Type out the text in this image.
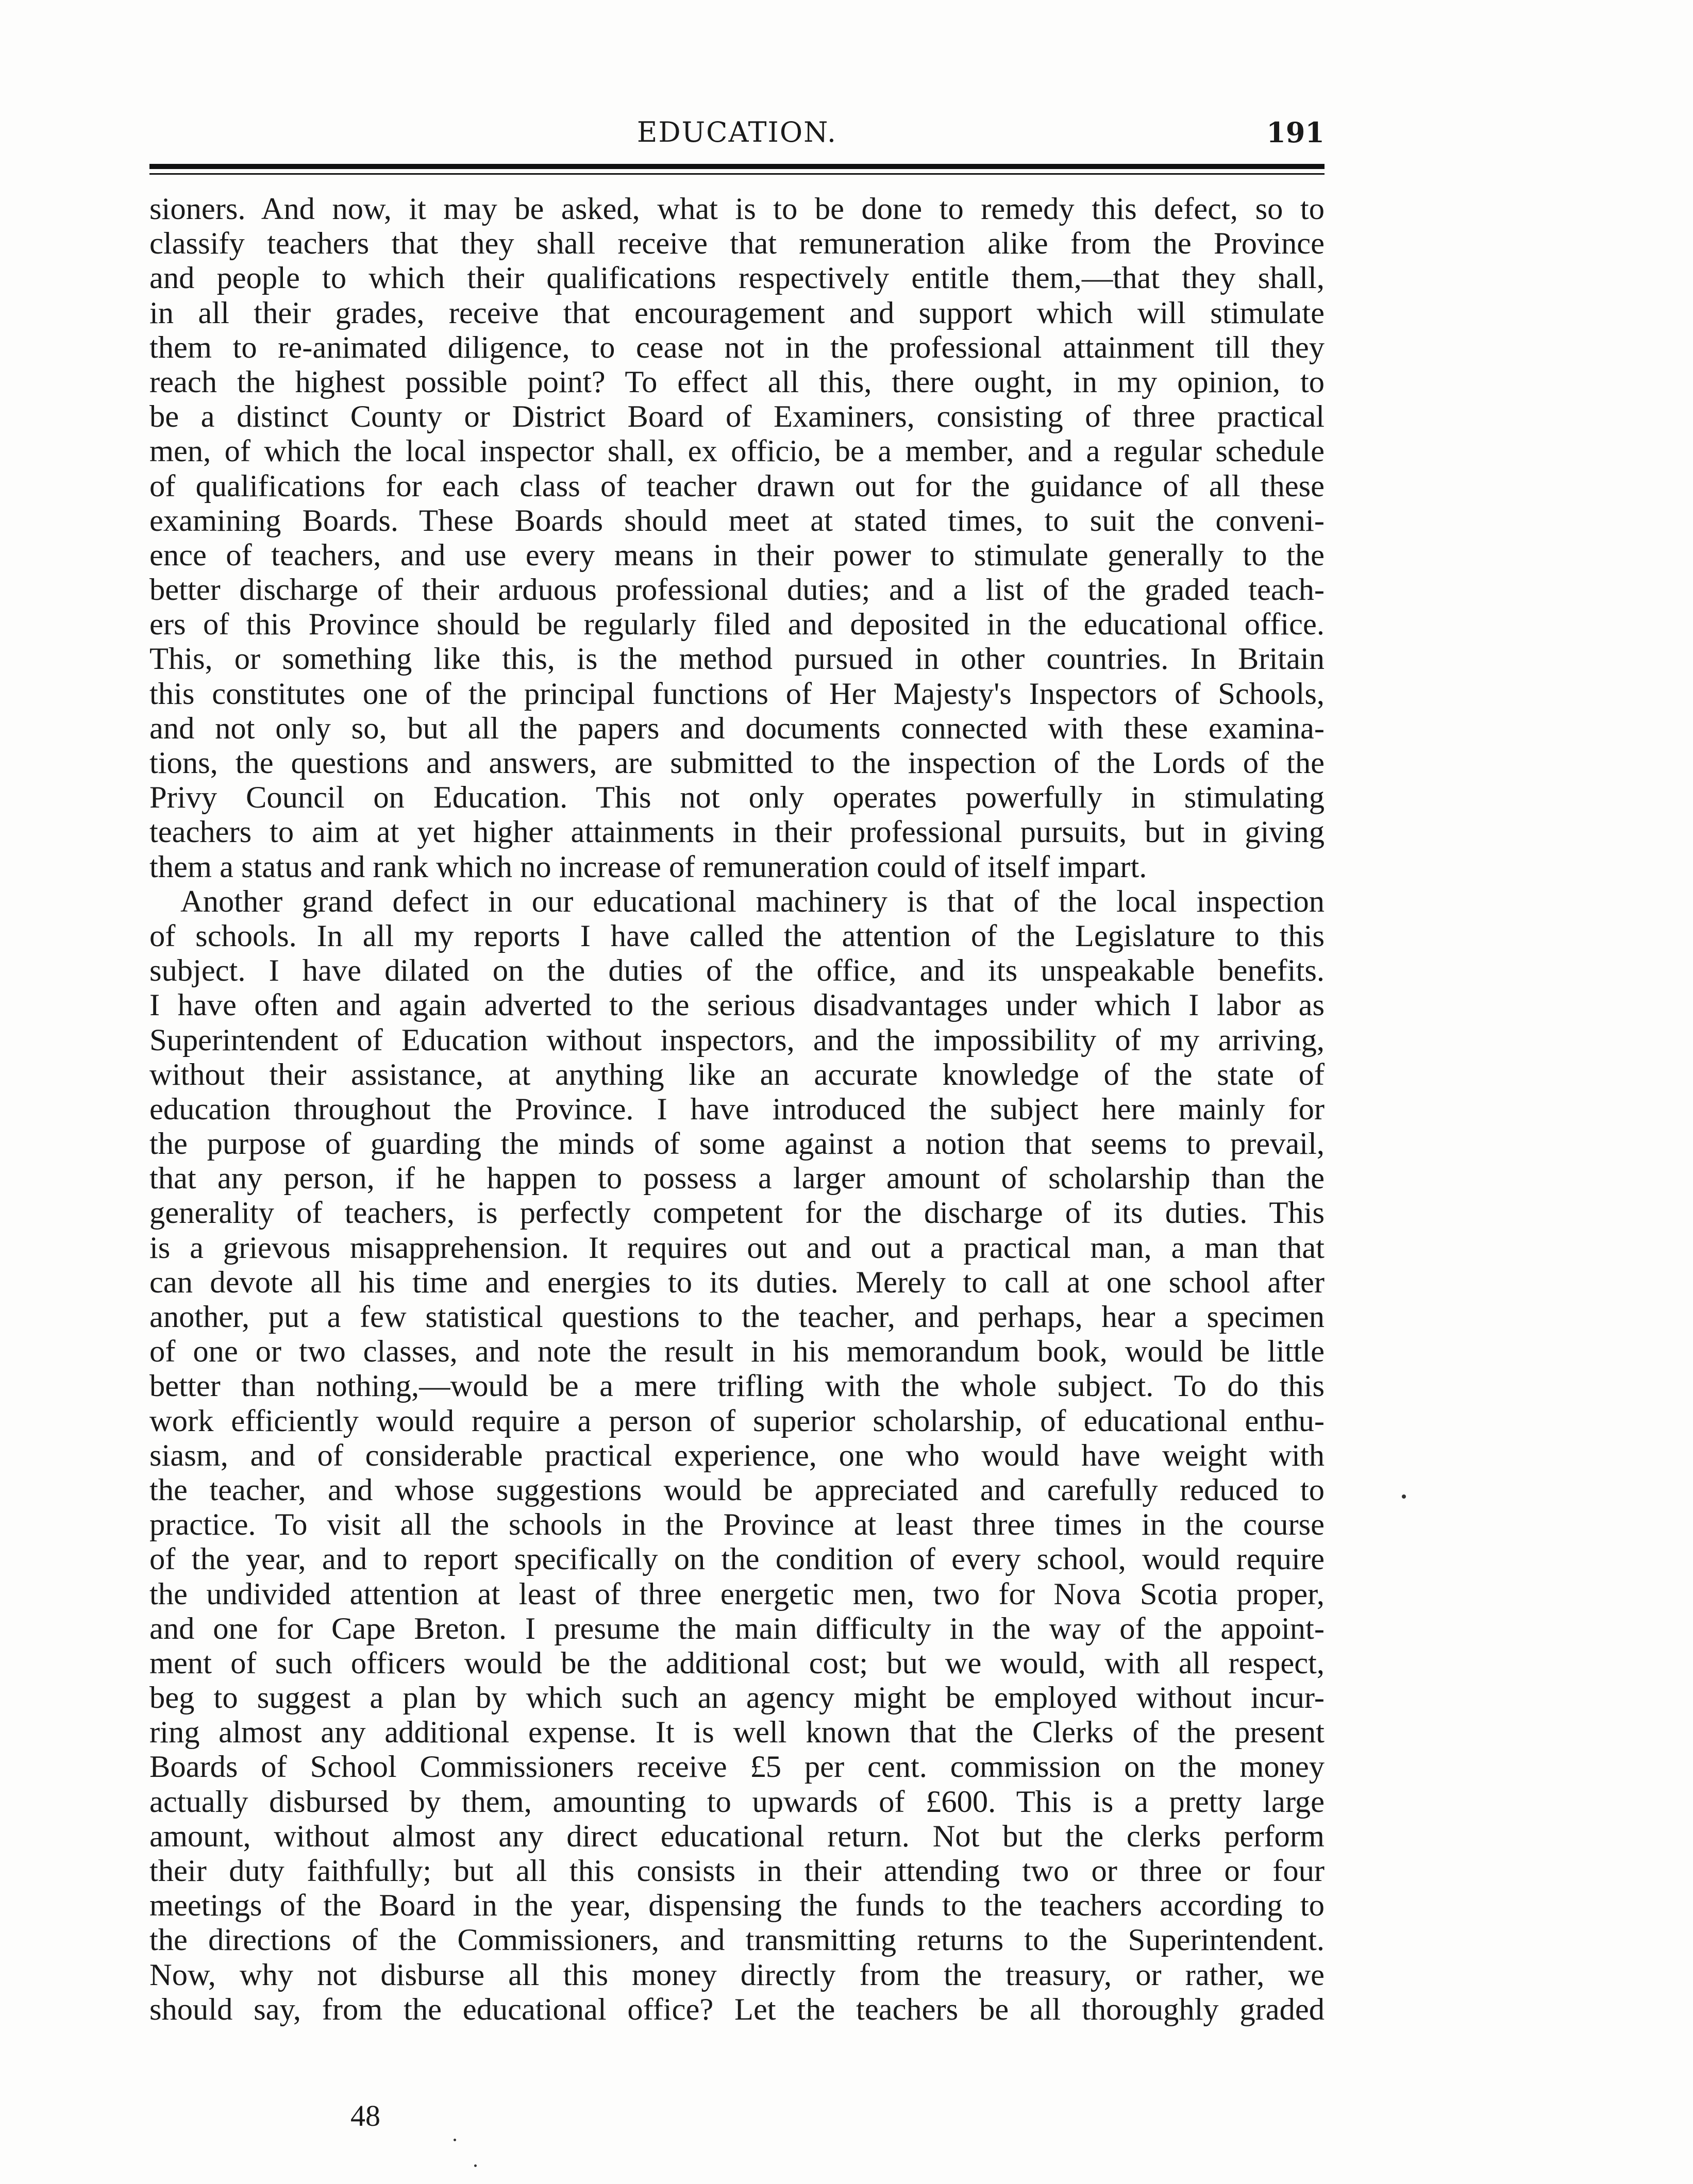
EDUCATION.	191
sioners. And now, it may be asked, what is to be done to remedy this defect, so to
classify teachers that they shall receive that remuneration alike from the Province
and people to which their qualifications respectively entitle them,—that they shall,
in all their grades, receive that encouragement and support which will stimulate
them to re-animated diligence, to cease not in the professional attainment till they
reach the highest possible point? To effect all this, there ought, in my opinion, to
be a distinct County or District Board of Examiners, consisting of three practical
men, of which the local inspector shall, ex officio, be a member, and a regular schedule
of qualifications for each class of teacher drawn out for the guidance of all these
examining Boards. These Boards should meet at stated times, to suit the conveni-
ence of teachers, and use every means in their power to stimulate generally to the
better discharge of their arduous professional duties; and a list of the graded teach-
ers of this Province should be regularly filed and deposited in the educational office.
This, or something like this, is the method pursued in other countries. In Britain
this constitutes one of the principal functions of Her Majesty's Inspectors of Schools,
and not only so, but all the papers and documents connected with these examina-
tions, the questions and answers, are submitted to the inspection of the Lords of the
Privy Council on Education. This not only operates powerfully in stimulating
teachers to aim at yet higher attainments in their professional pursuits, but in giving
them a status and rank which no increase of remuneration could of itself impart.
Another grand defect in our educational machinery is that of the local inspection
of schools. In all my reports I have called the attention of the Legislature to this
subject. I have dilated on the duties of the office, and its unspeakable benefits.
I have often and again adverted to the serious disadvantages under which I labor as
Superintendent of Education without inspectors, and the impossibility of my arriving,
without their assistance, at anything like an accurate knowledge of the state of
education throughout the Province. I have introduced the subject here mainly for
the purpose of guarding the minds of some against a notion that seems to prevail,
that any person, if he happen to possess a larger amount of scholarship than the
generality of teachers, is perfectly competent for the discharge of its duties. This
is a grievous misapprehension. It requires out and out a practical man, a man that
can devote all his time and energies to its duties. Merely to call at one school after
another, put a few statistical questions to the teacher, and perhaps, hear a specimen
of one or two classes, and note the result in his memorandum book, would be little
better than nothing,—would be a mere trifling with the whole subject. To do this
work efficiently would require a person of superior scholarship, of educational enthu-
siasm, and of considerable practical experience, one who would have weight with
the teacher, and whose suggestions would be appreciated and carefully reduced to
practice. To visit all the schools in the Province at least three times in the course
of the year, and to report specifically on the condition of every school, would require
the undivided attention at least of three energetic men, two for Nova Scotia proper,
and one for Cape Breton. I presume the main difficulty in the way of the appoint-
ment of such officers would be the additional cost; but we would, with all respect,
beg to suggest a plan by which such an agency might be employed without incur-
ring almost any additional expense. It is well known that the Clerks of the present
Boards of School Commissioners receive £5 per cent. commission on the money
actually disbursed by them, amounting to upwards of £600. This is a pretty large
amount, without almost any direct educational return. Not but the clerks perform
their duty faithfully; but all this consists in their attending two or three or four
meetings of the Board in the year, dispensing the funds to the teachers according to
the directions of the Commissioners, and transmitting returns to the Superintendent.
Now, why not disburse all this money directly from the treasury, or rather, we
should say, from the educational office? Let the teachers be all thoroughly graded
48
